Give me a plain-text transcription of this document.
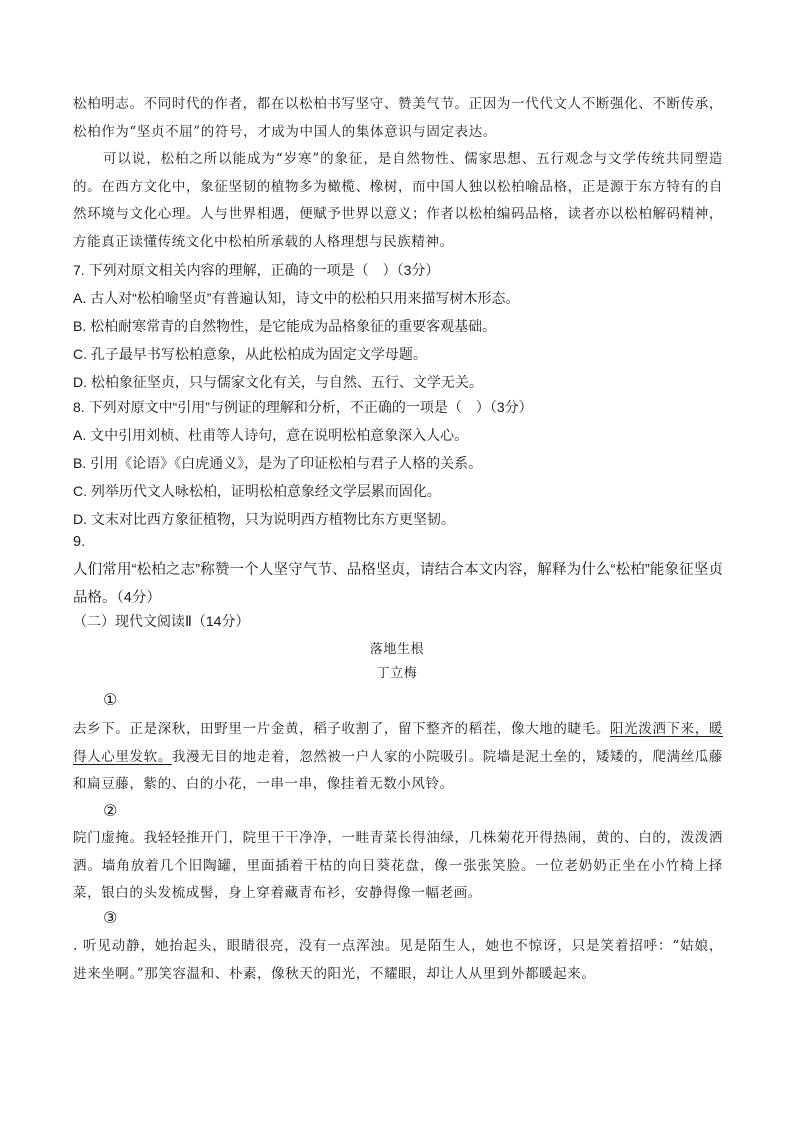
松柏明志。不同时代的作者，都在以松柏书写坚守、赞美气节。正因为一代代文人不断强化、不断传承，松柏作为“坚贞不屈”的符号，才成为中国人的集体意识与固定表达。

可以说，松柏之所以能成为“岁寒”的象征，是自然物性、儒家思想、五行观念与文学传统共同塑造的。在西方文化中，象征坚韧的植物多为橄榄、橡树，而中国人独以松柏喻品格，正是源于东方特有的自然环境与文化心理。人与世界相遇，便赋予世界以意义；作者以松柏编码品格，读者亦以松柏解码精神，方能真正读懂传统文化中松柏所承载的人格理想与民族精神。

7. 下列对原文相关内容的理解，正确的一项是（　）（3分）
A. 古人对“松柏喻坚贞”有普遍认知，诗文中的松柏只用来描写树木形态。
B. 松柏耐寒常青的自然物性，是它能成为品格象征的重要客观基础。
C. 孔子最早书写松柏意象，从此松柏成为固定文学母题。
D. 松柏象征坚贞，只与儒家文化有关，与自然、五行、文学无关。
8. 下列对原文中“引用”与例证的理解和分析，不正确的一项是（　）（3分）
A. 文中引用刘桢、杜甫等人诗句，意在说明松柏意象深入人心。
B. 引用《论语》《白虎通义》，是为了印证松柏与君子人格的关系。
C. 列举历代文人咏松柏，证明松柏意象经文学层累而固化。
D. 文末对比西方象征植物，只为说明西方植物比东方更坚韧。
9.
人们常用“松柏之志”称赞一个人坚守气节、品格坚贞，请结合本文内容，解释为什么“松柏”能象征坚贞品格。（4分）
（二）现代文阅读Ⅱ（14分）
落地生根
丁立梅
①

去乡下。正是深秋，田野里一片金黄，稻子收割了，留下整齐的稻茬，像大地的睫毛。阳光泼洒下来，暖得人心里发软。我漫无目的地走着，忽然被一户人家的小院吸引。院墙是泥土垒的，矮矮的，爬满丝瓜藤和扁豆藤，紫的、白的小花，一串一串，像挂着无数小风铃。

②

院门虚掩。我轻轻推开门，院里干干净净，一畦青菜长得油绿，几株菊花开得热闹，黄的、白的，泼泼洒洒。墙角放着几个旧陶罐，里面插着干枯的向日葵花盘，像一张张笑脸。一位老奶奶正坐在小竹椅上择菜，银白的头发梳成髻，身上穿着藏青布衫，安静得像一幅老画。

③

. 听见动静，她抬起头，眼睛很亮，没有一点浑浊。见是陌生人，她也不惊讶，只是笑着招呼：“姑娘，进来坐啊。”那笑容温和、朴素，像秋天的阳光，不耀眼，却让人从里到外都暖起来。
